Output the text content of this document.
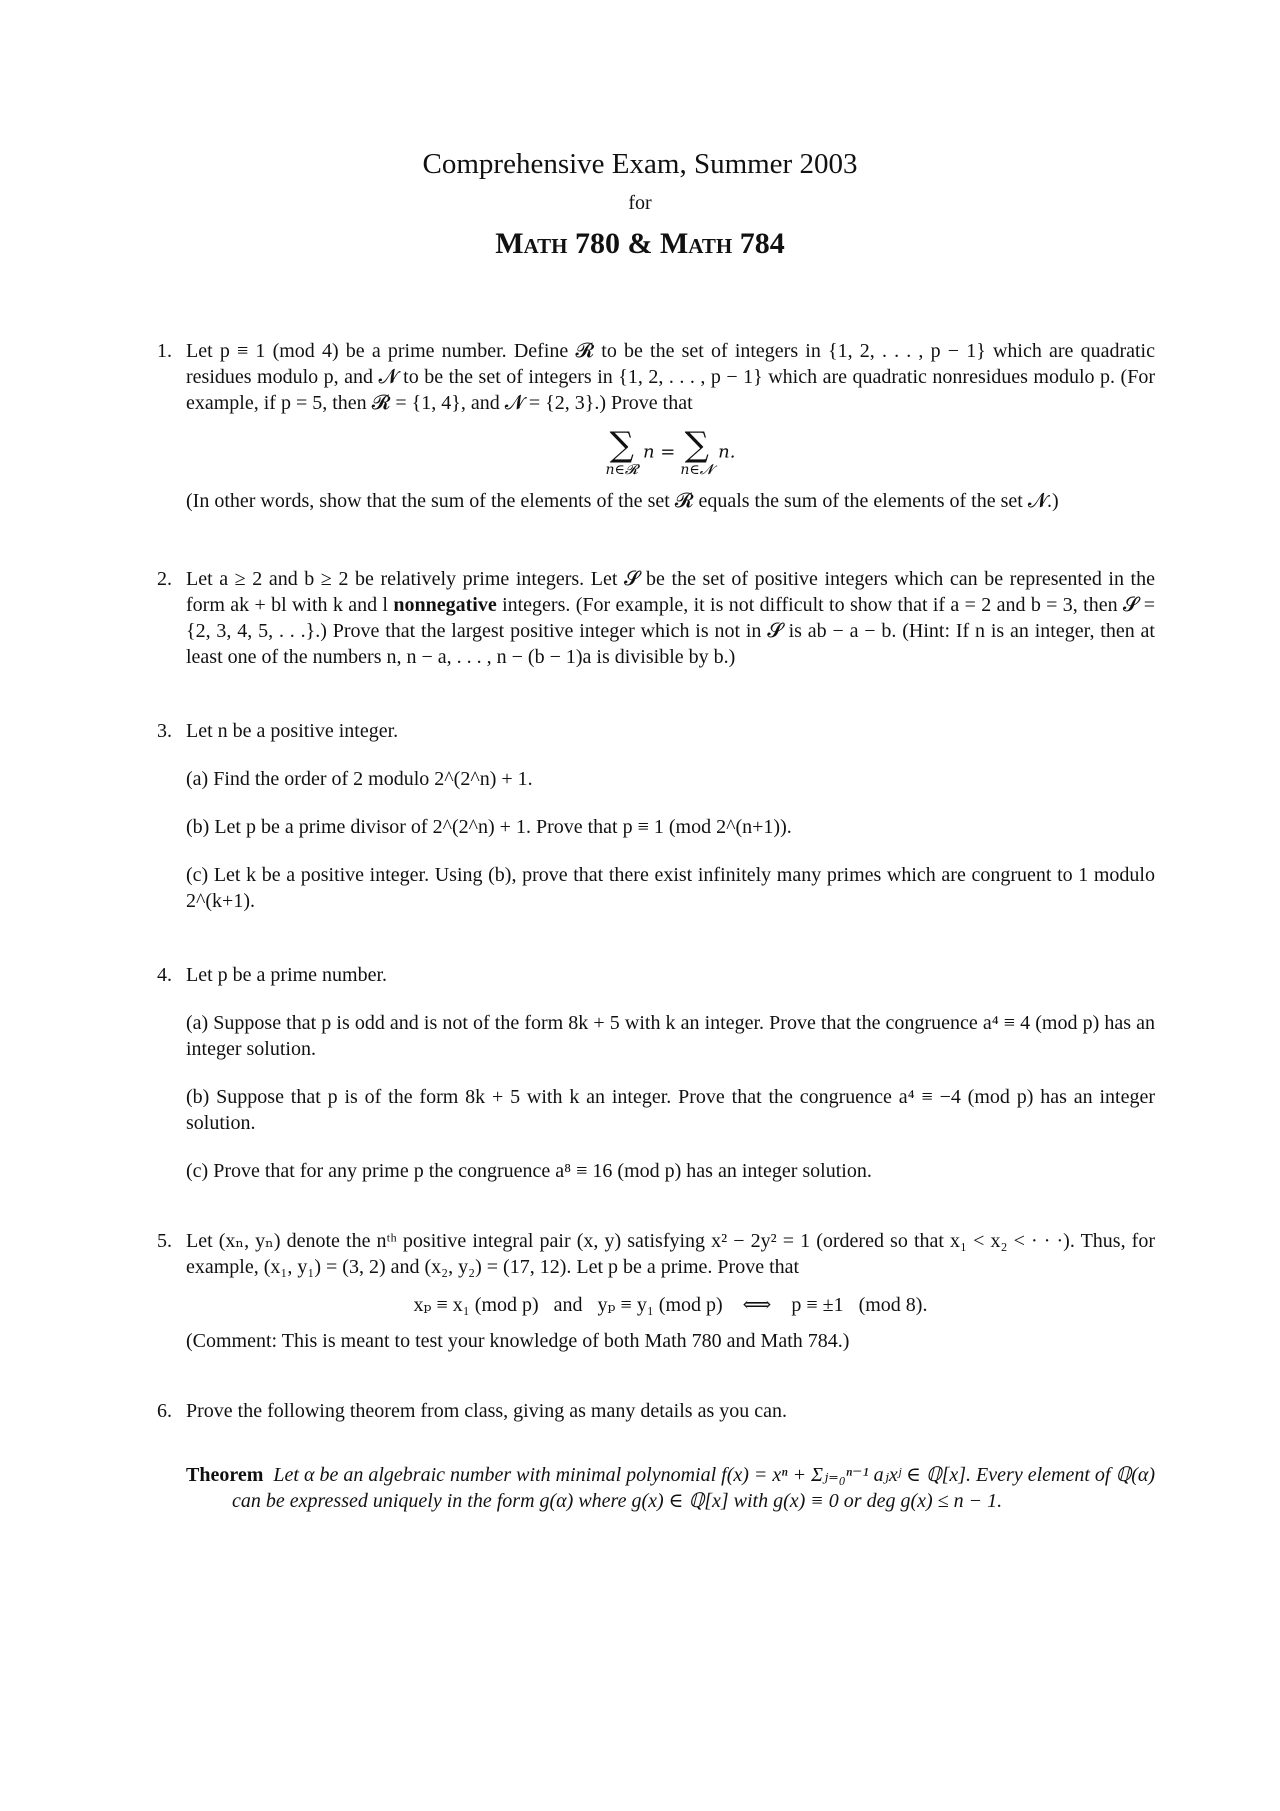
Comprehensive Exam, Summer 2003
for
Math 780 & Math 784
1. Let p ≡ 1 (mod 4) be a prime number. Define 𝓡 to be the set of integers in {1, 2, . . . , p − 1} which are quadratic residues modulo p, and 𝓝 to be the set of integers in {1, 2, . . . , p − 1} which are quadratic nonresidues modulo p. (For example, if p = 5, then 𝓡 = {1, 4}, and 𝓝 = {2, 3}.) Prove that

∑
n∈𝓡
n = ∑
n∈𝓝
n.

(In other words, show that the sum of the elements of the set 𝓡 equals the sum of the elements of the set 𝓝.)

2. Let a ≥ 2 and b ≥ 2 be relatively prime integers. Let 𝓢 be the set of positive integers which can be represented in the form ak + bl with k and l nonnegative integers. (For example, it is not difficult to show that if a = 2 and b = 3, then 𝓢 = {2, 3, 4, 5, . . .}.) Prove that the largest positive integer which is not in 𝓢 is ab − a − b. (Hint: If n is an integer, then at least one of the numbers n, n − a, . . . , n − (b − 1)a is divisible by b.)

3. Let n be a positive integer.

(a) Find the order of 2 modulo 2^(2^n) + 1.

(b) Let p be a prime divisor of 2^(2^n) + 1. Prove that p ≡ 1 (mod 2^(n+1)).

(c) Let k be a positive integer. Using (b), prove that there exist infinitely many primes which are congruent to 1 modulo 2^(k+1).

4. Let p be a prime number.

(a) Suppose that p is odd and is not of the form 8k + 5 with k an integer. Prove that the congruence a⁴ ≡ 4 (mod p) has an integer solution.

(b) Suppose that p is of the form 8k + 5 with k an integer. Prove that the congruence a⁴ ≡ −4 (mod p) has an integer solution.

(c) Prove that for any prime p the congruence a⁸ ≡ 16 (mod p) has an integer solution.

5. Let (xₙ, yₙ) denote the nᵗʰ positive integral pair (x, y) satisfying x² − 2y² = 1 (ordered so that x₁ < x₂ < · · ·). Thus, for example, (x₁, y₁) = (3, 2) and (x₂, y₂) = (17, 12). Let p be a prime. Prove that

xₚ ≡ x₁ (mod p)   and   yₚ ≡ y₁ (mod p)    ⟺    p ≡ ±1   (mod 8).

(Comment: This is meant to test your knowledge of both Math 780 and Math 784.)

6. Prove the following theorem from class, giving as many details as you can.

Theorem Let α be an algebraic number with minimal polynomial f(x) = xⁿ + Σⱼ₌₀ⁿ⁻¹ aⱼxʲ ∈ ℚ[x]. Every element of ℚ(α) can be expressed uniquely in the form g(α) where g(x) ∈ ℚ[x] with g(x) ≡ 0 or deg g(x) ≤ n − 1.
